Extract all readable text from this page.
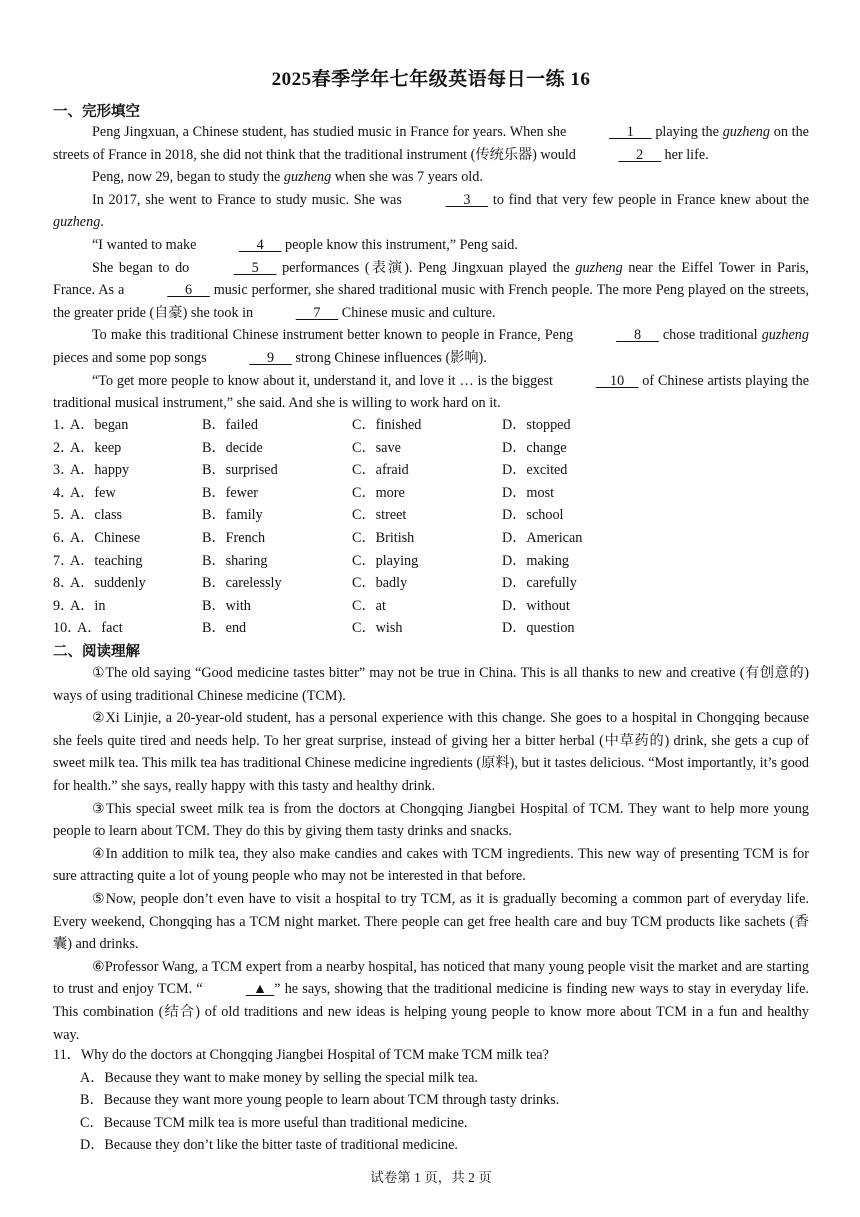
2025春季学年七年级英语每日一练 16
一、完形填空

Peng Jingxuan, a Chinese student, has studied music in France for years. When she	1      playing the guzheng on the streets of France in 2018, she did not think that the traditional instrument (传统乐器) would	2      her life.

Peng, now 29, began to study the guzheng when she was 7 years old.

In 2017, she went to France to study music. She was	3      to find that very few people in France knew about the guzheng.

“I wanted to make	4      people know this instrument,” Peng said.

She began to do	5      performances (表演). Peng Jingxuan played the guzheng near the Eiffel Tower in Paris, France. As a	6      music performer, she shared traditional music with French people. The more Peng played on the streets, the greater pride (自豪) she took in	7      Chinese music and culture.

To make this traditional Chinese instrument better known to people in France, Peng	8      chose traditional guzheng pieces and some pop songs	9      strong Chinese influences (影响).

“To get more people to know about it, understand it, and love it … is the biggest	10     of Chinese artists playing the traditional musical instrument,” she said. And she is willing to work hard on it.

1．
A．began	B．failed	C．finished	D．stopped
2．
A．keep	B．decide	C．save	D．change
3．
A．happy	B．surprised	C．afraid	D．excited
4．
A．few	B．fewer	C．more	D．most
5．
A．class	B．family	C．street	D．school
6．
A．Chinese	B．French	C．British	D．American
7．
A．teaching	B．sharing	C．playing	D．making
8．
A．suddenly	B．carelessly	C．badly	D．carefully
9．
A．in	B．with	C．at	D．without
10．
A．fact	B．end	C．wish	D．question
二、阅读理解

①The old saying “Good medicine tastes bitter” may not be true in China. This is all thanks to new and creative (有创意的) ways of using traditional Chinese medicine (TCM).

②Xi Linjie, a 20-year-old student, has a personal experience with this change. She goes to a hospital in Chongqing because she feels quite tired and needs help. To her great surprise, instead of giving her a bitter herbal (中草药的) drink, she gets a cup of sweet milk tea. This milk tea has traditional Chinese medicine ingredients (原料), but it tastes delicious. “Most importantly, it’s good for health.” she says, really happy with this tasty and healthy drink.

③This special sweet milk tea is from the doctors at Chongqing Jiangbei Hospital of TCM. They want to help more young people to learn about TCM. They do this by giving them tasty drinks and snacks.

④In addition to milk tea, they also make candies and cakes with TCM ingredients. This new way of presenting TCM is for sure attracting quite a lot of young people who may not be interested in that before.

⑤Now, people don’t even have to visit a hospital to try TCM, as it is gradually becoming a common part of everyday life. Every weekend, Chongqing has a TCM night market. There people can get free health care and buy TCM products like sachets (香囊) and drinks.

⑥Professor Wang, a TCM expert from a nearby hospital, has noticed that many young people visit the market and are starting to trust and enjoy TCM. “	▲  ” he says, showing that the traditional medicine is finding new ways to stay in everyday life. This combination (结合) of old traditions and new ideas is helping young people to know more about TCM in a fun and healthy way.

11．Why do the doctors at Chongqing Jiangbei Hospital of TCM make TCM milk tea?
A．Because they want to make money by selling the special milk tea.
B．Because they want more young people to learn about TCM through tasty drinks.
C．Because TCM milk tea is more useful than traditional medicine.
D．Because they don’t like the bitter taste of traditional medicine.
试卷第 1 页，共 2 页
